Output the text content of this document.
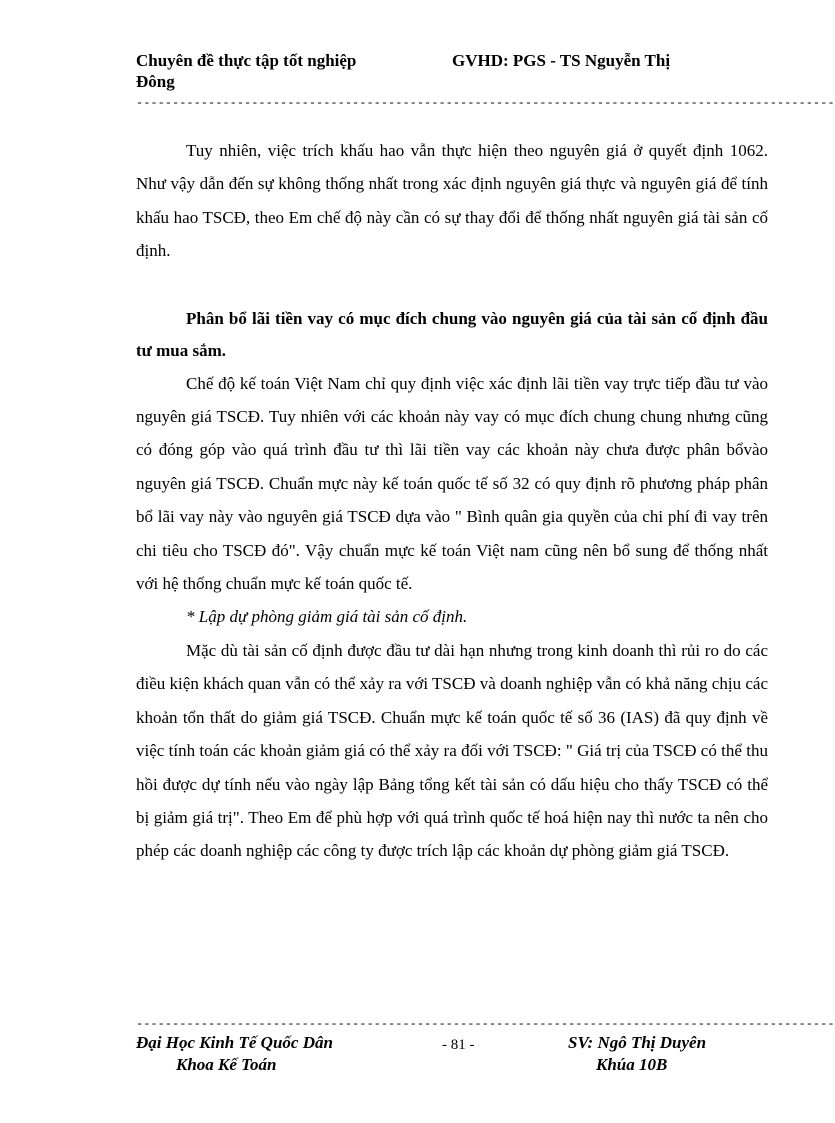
Chuyên đề thực tập tốt nghiệp	GVHD: PGS - TS Nguyễn Thị
Đông
-------------------------------------------------------------------------------------------------

Tuy nhiên, việc trích khấu hao vẫn thực hiện theo nguyên giá ở quyết định 1062. Như vậy dẫn đến sự không thống nhất trong xác định nguyên giá thực và nguyên giá để tính khấu hao TSCĐ, theo Em chế độ này cần có sự thay đổi để thống nhất nguyên giá tài sản cố định.

Phân bổ lãi tiền vay có mục đích chung vào nguyên giá của tài sản cố định đầu tư mua sắm.

Chế độ kế toán Việt Nam chỉ quy định việc xác định lãi tiền vay trực tiếp đầu tư vào nguyên giá TSCĐ. Tuy nhiên với các khoản này vay có mục đích chung chung nhưng cũng có đóng góp vào quá trình đầu tư thì lãi tiền vay các khoản này chưa được phân bổvào nguyên giá TSCĐ. Chuẩn mực này kế toán quốc tế số 32 có quy định rõ phương pháp phân bổ lãi vay này vào nguyên giá TSCĐ dựa vào " Bình quân gia quyền của chi phí đi vay trên chi tiêu cho TSCĐ đó". Vậy chuẩn mực kế toán Việt nam cũng nên bổ sung để thống nhất với hệ thống chuẩn mực kế toán quốc tế.

* Lập dự phòng giảm giá tài sản cố định.

Mặc dù tài sản cố định được đầu tư dài hạn nhưng trong kinh doanh thì rủi ro do các điều kiện khách quan vẫn có thể xảy ra với TSCĐ và doanh nghiệp vẫn có khả năng chịu các khoản tổn thất do giảm giá TSCĐ. Chuẩn mực kế toán quốc tế số 36 (IAS) đã quy định về việc tính toán các khoản giảm giá có thể xảy ra đối với TSCĐ: " Giá trị của TSCĐ có thể thu hồi được dự tính nếu vào ngày lập Bảng tổng kết tài sản có dấu hiệu cho thấy TSCĐ có thể bị giảm giá trị". Theo Em để phù hợp với quá trình quốc tế hoá hiện nay thì nước ta nên cho phép các doanh nghiệp các công ty được trích lập các khoản dự phòng giảm giá TSCĐ.

-------------------------------------------------------------------------------------------------
Đại Học Kinh Tế Quốc Dân
Khoa Kế Toán
- 81 -	SV: Ngô Thị Duyên
Khúa 10B
